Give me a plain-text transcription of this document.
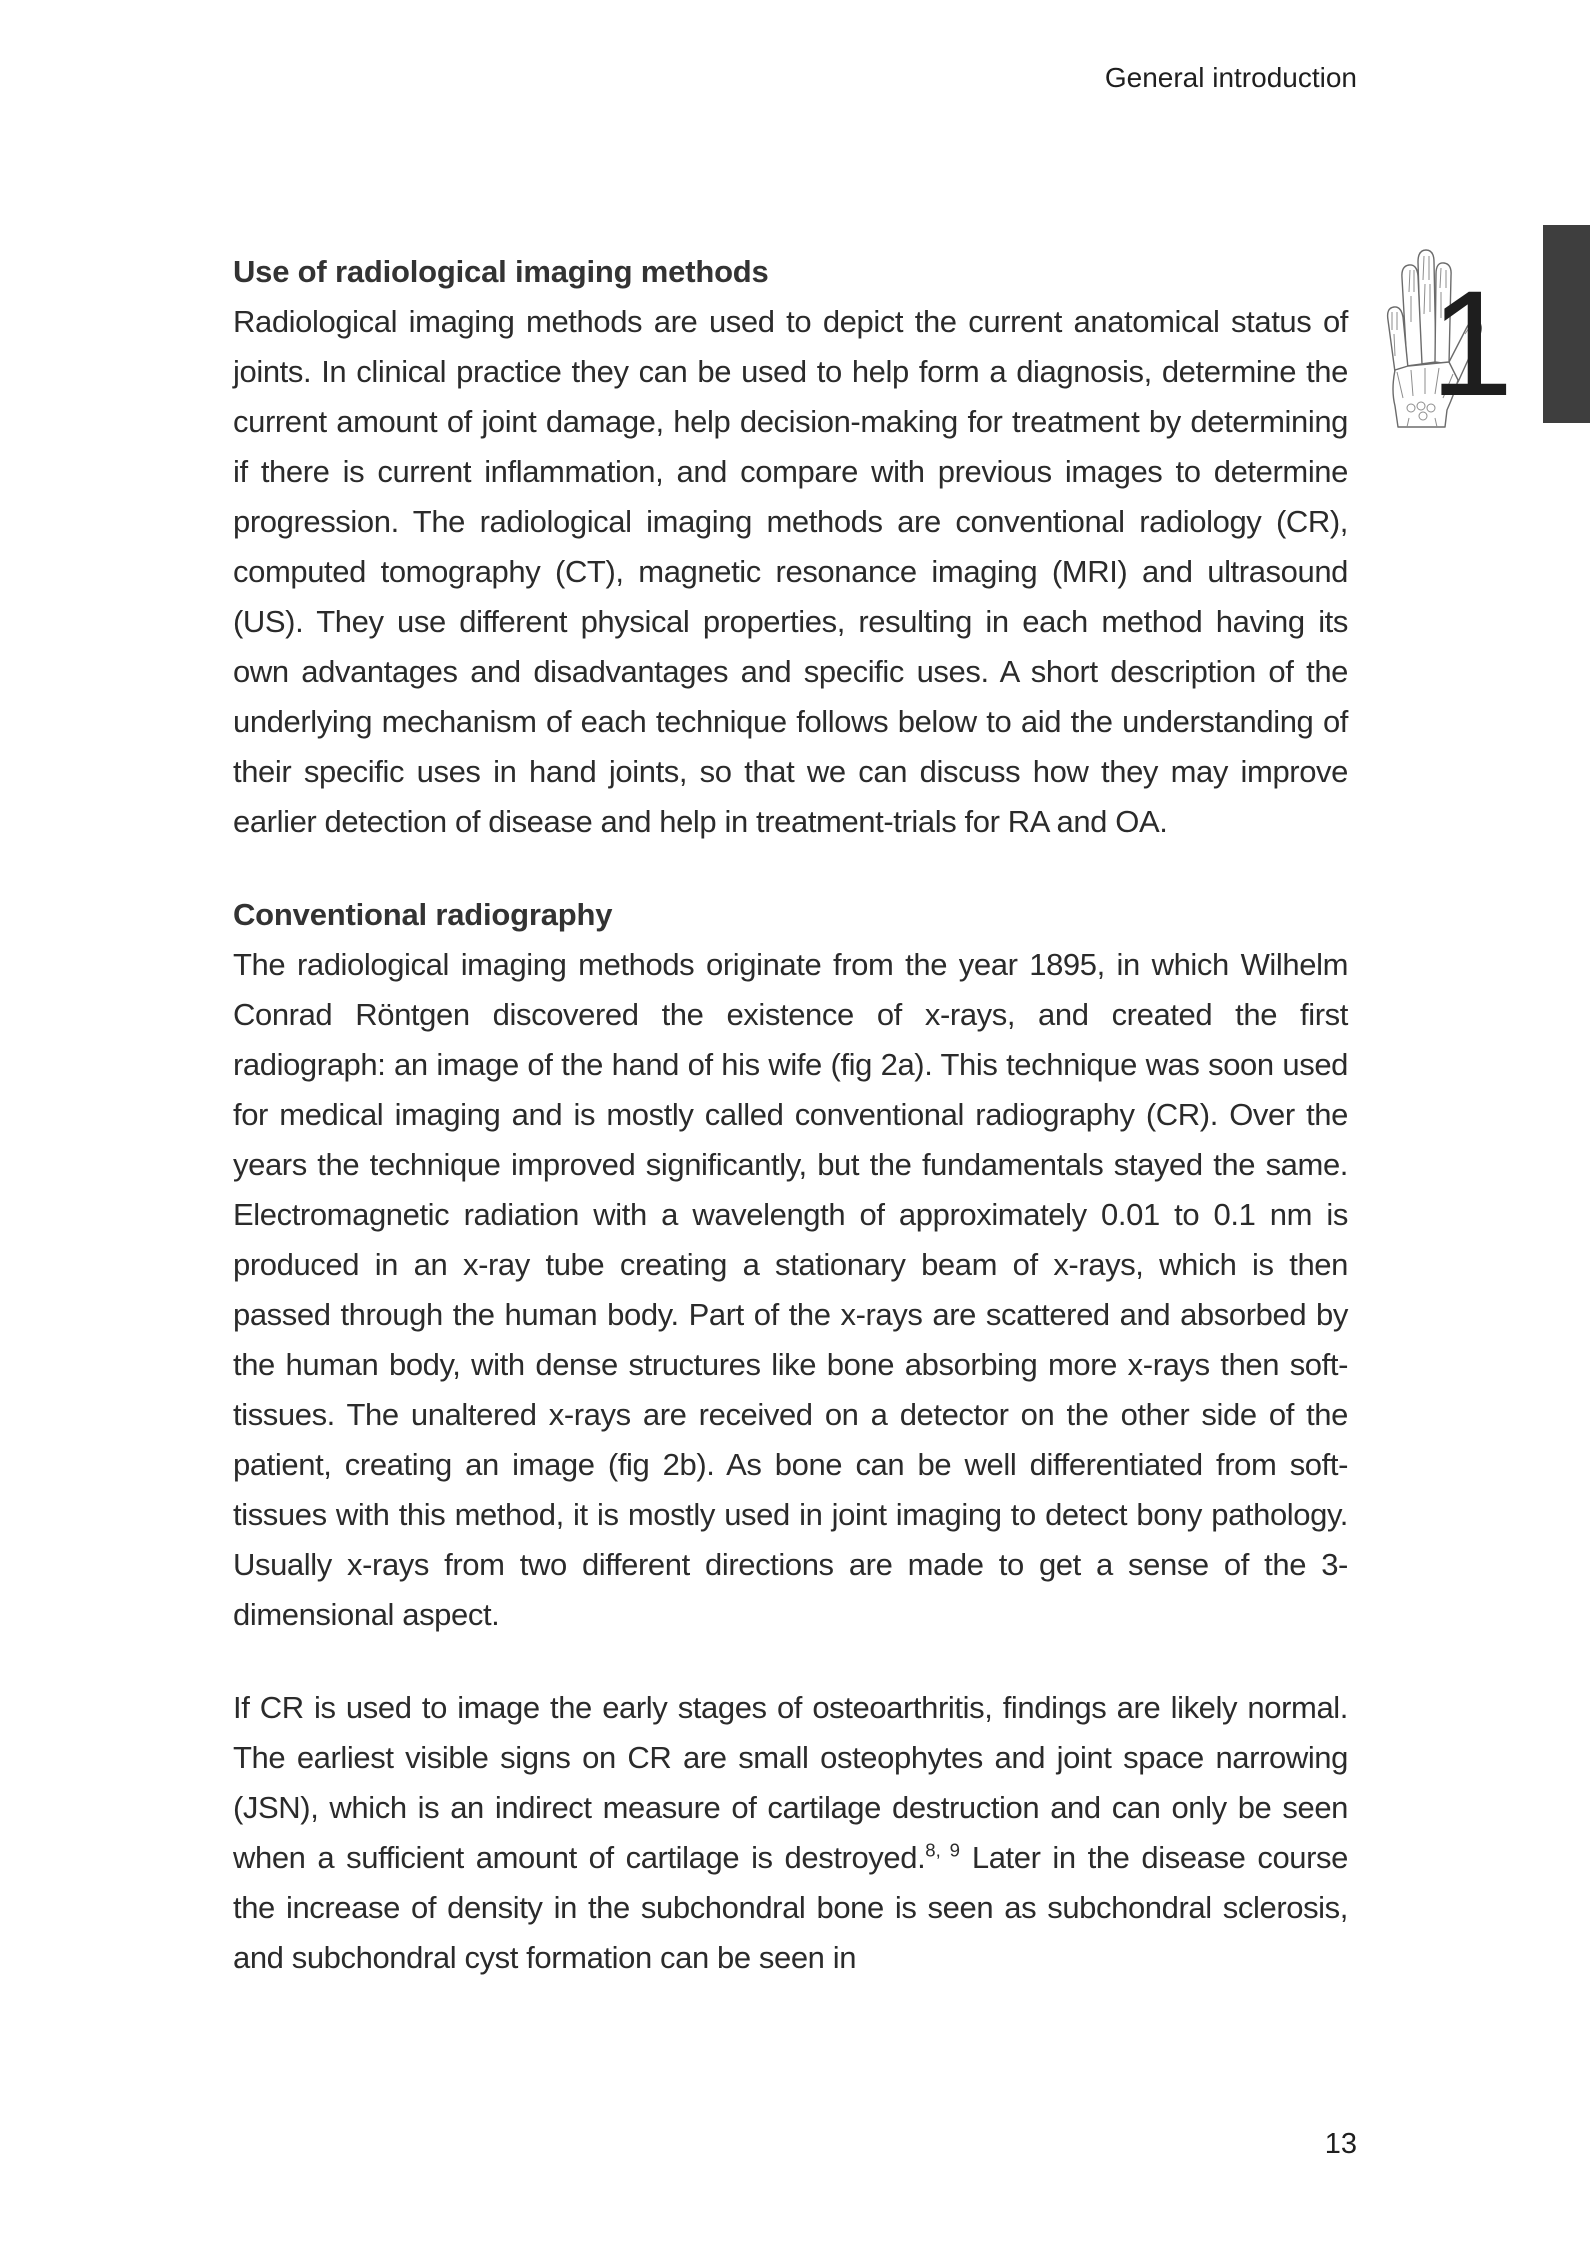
General introduction
1
Use of radiological imaging methods

Radiological imaging methods are used to depict the current anatomical status of joints. In clinical practice they can be used to help form a diagnosis, determine the current amount of joint damage, help decision-making for treatment by determining if there is current inflammation, and compare with previous images to determine progression. The radiological imaging methods are conventional radiology (CR), computed tomography (CT), magnetic resonance imaging (MRI) and ultrasound (US). They use different physical properties, resulting in each method having its own advantages and disadvantages and specific uses. A short description of the underlying mechanism of each technique follows below to aid the understanding of their specific uses in hand joints, so that we can discuss how they may improve earlier detection of disease and help in treatment-trials for RA and OA.

Conventional radiography

The radiological imaging methods originate from the year 1895, in which Wilhelm Conrad Röntgen discovered the existence of x-rays, and created the first radiograph: an image of the hand of his wife (fig 2a). This technique was soon used for medical imaging and is mostly called conventional radiography (CR). Over the years the technique improved significantly, but the fundamentals stayed the same. Electromagnetic radiation with a wavelength of approximately 0.01 to 0.1 nm is produced in an x-ray tube creating a stationary beam of x-rays, which is then passed through the human body. Part of the x-rays are scattered and absorbed by the human body, with dense structures like bone absorbing more x-rays then soft-tissues. The unaltered x-rays are received on a detector on the other side of the patient, creating an image (fig 2b). As bone can be well differentiated from soft-tissues with this method, it is mostly used in joint imaging to detect bony pathology. Usually x-rays from two different directions are made to get a sense of the 3-dimensional aspect.

If CR is used to image the early stages of osteoarthritis, findings are likely normal. The earliest visible signs on CR are small osteophytes and joint space narrowing (JSN), which is an indirect measure of cartilage destruction and can only be seen when a sufficient amount of cartilage is destroyed.$^{8, 9}$ Later in the disease course the increase of density in the subchondral bone is seen as subchondral sclerosis, and subchondral cyst formation can be seen in

13
